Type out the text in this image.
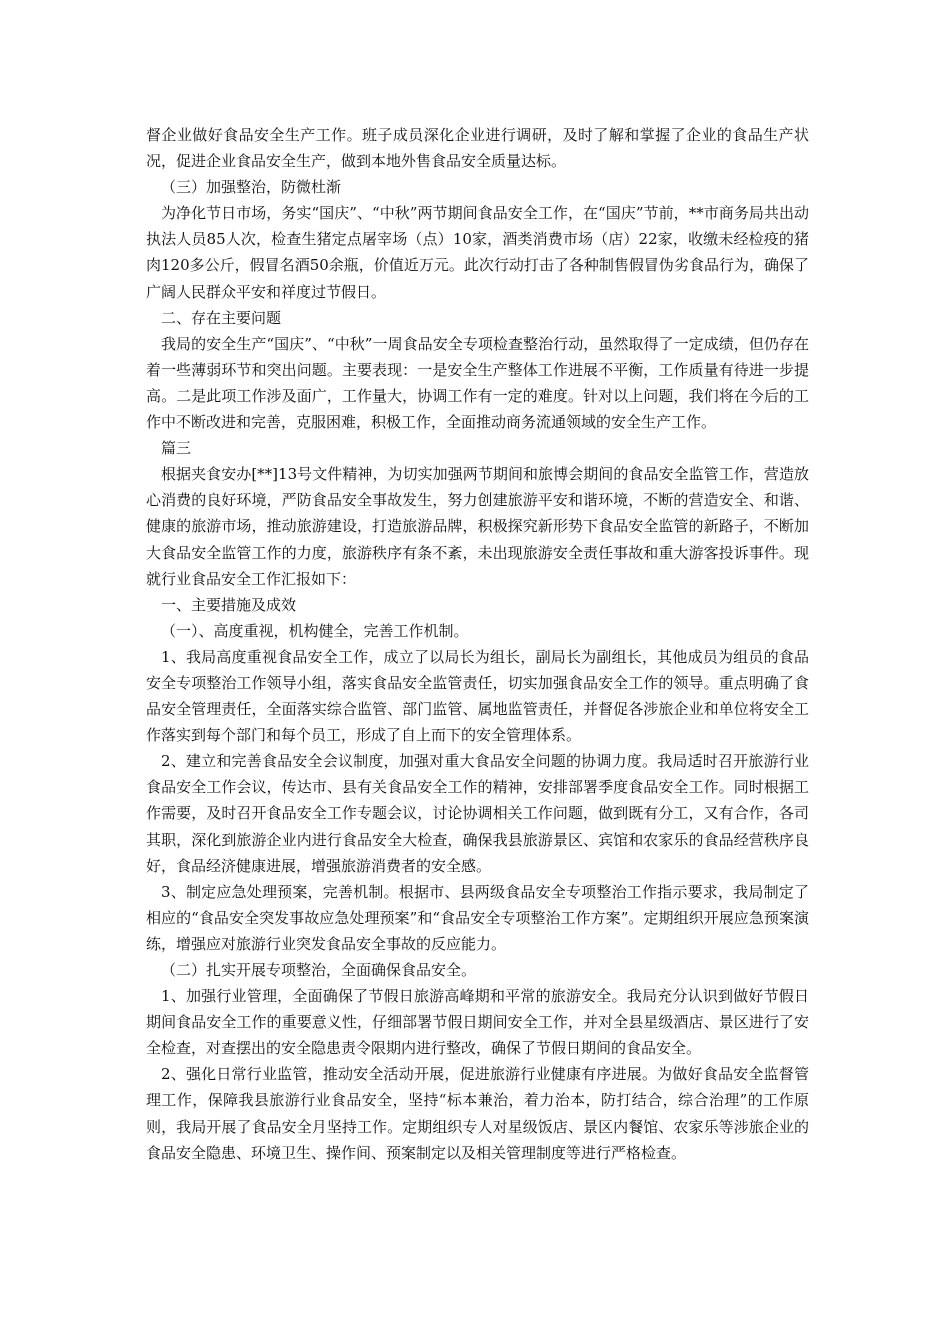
督企业做好食品安全生产工作。班子成员深化企业进行调研，及时了解和掌握了企业的食品生产状况，促进企业食品安全生产，做到本地外售食品安全质量达标。

（三）加强整治，防微杜渐

为净化节日市场，务实“国庆”、“中秋”两节期间食品安全工作，在“国庆”节前，**市商务局共出动执法人员85人次，检查生猪定点屠宰场（点）10家，酒类消费市场（店）22家，收缴未经检疫的猪肉120多公斤，假冒名酒50余瓶，价值近万元。此次行动打击了各种制售假冒伪劣食品行为，确保了广阔人民群众平安和祥度过节假日。

二、存在主要问题

我局的安全生产“国庆”、“中秋”一周食品安全专项检查整治行动，虽然取得了一定成绩，但仍存在着一些薄弱环节和突出问题。主要表现：一是安全生产整体工作进展不平衡，工作质量有待进一步提高。二是此项工作涉及面广，工作量大，协调工作有一定的难度。针对以上问题，我们将在今后的工作中不断改进和完善，克服困难，积极工作，全面推动商务流通领域的安全生产工作。

篇三

根据夹食安办[**]13号文件精神，为切实加强两节期间和旅博会期间的食品安全监管工作，营造放心消费的良好环境，严防食品安全事故发生，努力创建旅游平安和谐环境，不断的营造安全、和谐、健康的旅游市场，推动旅游建设，打造旅游品牌，积极探究新形势下食品安全监管的新路子，不断加大食品安全监管工作的力度，旅游秩序有条不紊，未出现旅游安全责任事故和重大游客投诉事件。现就行业食品安全工作汇报如下：

一、主要措施及成效

（一）、高度重视，机构健全，完善工作机制。

1、我局高度重视食品安全工作，成立了以局长为组长，副局长为副组长，其他成员为组员的食品安全专项整治工作领导小组，落实食品安全监管责任，切实加强食品安全工作的领导。重点明确了食品安全管理责任，全面落实综合监管、部门监管、属地监管责任，并督促各涉旅企业和单位将安全工作落实到每个部门和每个员工，形成了自上而下的安全管理体系。

2、建立和完善食品安全会议制度，加强对重大食品安全问题的协调力度。我局适时召开旅游行业食品安全工作会议，传达市、县有关食品安全工作的精神，安排部署季度食品安全工作。同时根据工作需要，及时召开食品安全工作专题会议，讨论协调相关工作问题，做到既有分工，又有合作，各司其职，深化到旅游企业内进行食品安全大检查，确保我县旅游景区、宾馆和农家乐的食品经营秩序良好，食品经济健康进展，增强旅游消费者的安全感。

3、制定应急处理预案，完善机制。根据市、县两级食品安全专项整治工作指示要求，我局制定了相应的“食品安全突发事故应急处理预案”和“食品安全专项整治工作方案”。定期组织开展应急预案演练，增强应对旅游行业突发食品安全事故的反应能力。

（二）扎实开展专项整治，全面确保食品安全。

1、加强行业管理，全面确保了节假日旅游高峰期和平常的旅游安全。我局充分认识到做好节假日期间食品安全工作的重要意义性，仔细部署节假日期间安全工作，并对全县星级酒店、景区进行了安全检查，对查摆出的安全隐患责令限期内进行整改，确保了节假日期间的食品安全。

2、强化日常行业监管，推动安全活动开展，促进旅游行业健康有序进展。为做好食品安全监督管理工作，保障我县旅游行业食品安全，坚持“标本兼治，着力治本，防打结合，综合治理”的工作原则，我局开展了食品安全月坚持工作。定期组织专人对星级饭店、景区内餐馆、农家乐等涉旅企业的食品安全隐患、环境卫生、操作间、预案制定以及相关管理制度等进行严格检查。
